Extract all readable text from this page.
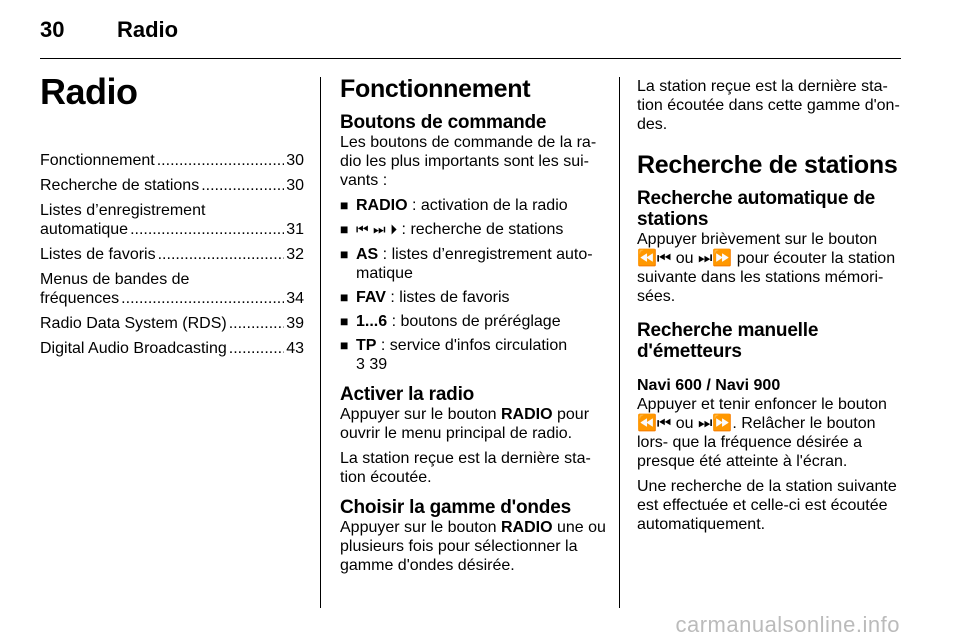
30 Radio
Radio
Fonctionnement .....	30
Recherche de stations .....	30
Listes d’enregistrement
automatique .....	31
Listes de favoris .....	32
Menus de bandes de
fréquences .....	34
Radio Data System (RDS) .....	39
Digital Audio Broadcasting .....	43
Fonctionnement
Boutons de commande

Les boutons de commande de la ra- dio les plus importants sont les sui- vants :

■ RADIO : activation de la radio
■ ⏮ ⏭ ⏵ : recherche de stations
■ AS : listes d’enregistrement auto- matique
■ FAV : listes de favoris
■ 1...6 : boutons de préréglage
■ TP : service d'infos circulation
3 39
Activer la radio

Appuyer sur le bouton RADIO pour ouvrir le menu principal de radio.

La station reçue est la dernière sta- tion écoutée.

Choisir la gamme d'ondes

Appuyer sur le bouton RADIO une ou plusieurs fois pour sélectionner la gamme d'ondes désirée.

La station reçue est la dernière sta- tion écoutée dans cette gamme d'on- des.

Recherche de stations
Recherche automatique de stations

Appuyer brièvement sur le bouton
⏪⏮ ou ⏭⏩ pour écouter la station suivante dans les stations mémori- sées.

Recherche manuelle d'émetteurs
Navi 600 / Navi 900

Appuyer et tenir enfoncer le bouton ⏪⏮ ou ⏭⏩. Relâcher le bouton lors- que la fréquence désirée a presque été atteinte à l'écran.

Une recherche de la station suivante est effectuée et celle-ci est écoutée automatiquement.

carmanualsonline.info
